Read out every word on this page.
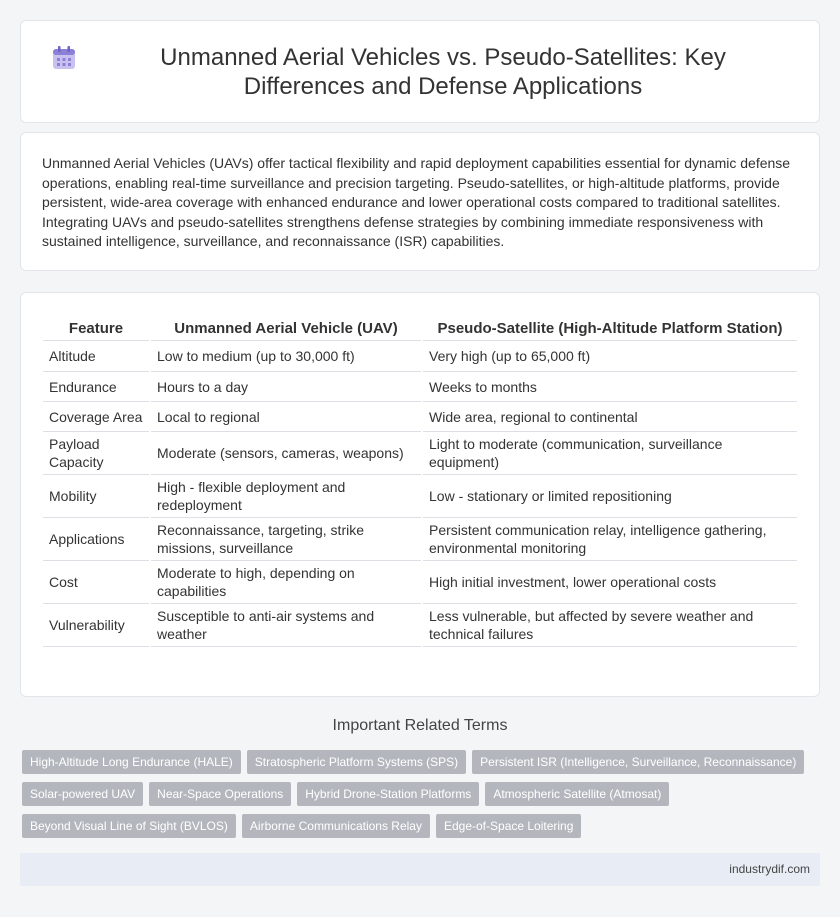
Unmanned Aerial Vehicles vs. Pseudo-Satellites: Key Differences and Defense Applications

Unmanned Aerial Vehicles (UAVs) offer tactical flexibility and rapid deployment capabilities essential for dynamic defense operations, enabling real-time surveillance and precision targeting. Pseudo-satellites, or high-altitude platforms, provide persistent, wide-area coverage with enhanced endurance and lower operational costs compared to traditional satellites. Integrating UAVs and pseudo-satellites strengthens defense strategies by combining immediate responsiveness with sustained intelligence, surveillance, and reconnaissance (ISR) capabilities.

Feature	Unmanned Aerial Vehicle (UAV)	Pseudo-Satellite (High-Altitude Platform Station)
Altitude	Low to medium (up to 30,000 ft)	Very high (up to 65,000 ft)
Endurance	Hours to a day	Weeks to months
Coverage Area	Local to regional	Wide area, regional to continental
Payload Capacity	Moderate (sensors, cameras, weapons)	Light to moderate (communication, surveillance equipment)
Mobility	High - flexible deployment and redeployment	Low - stationary or limited repositioning
Applications	Reconnaissance, targeting, strike missions, surveillance	Persistent communication relay, intelligence gathering, environmental monitoring
Cost	Moderate to high, depending on capabilities	High initial investment, lower operational costs
Vulnerability	Susceptible to anti-air systems and weather	Less vulnerable, but affected by severe weather and technical failures
Important Related Terms
High-Altitude Long Endurance (HALE)	Stratospheric Platform Systems (SPS)	Persistent ISR (Intelligence, Surveillance, Reconnaissance)
Solar-powered UAV	Near-Space Operations	Hybrid Drone-Station Platforms	Atmospheric Satellite (Atmosat)
Beyond Visual Line of Sight (BVLOS)	Airborne Communications Relay	Edge-of-Space Loitering
industrydif.com
